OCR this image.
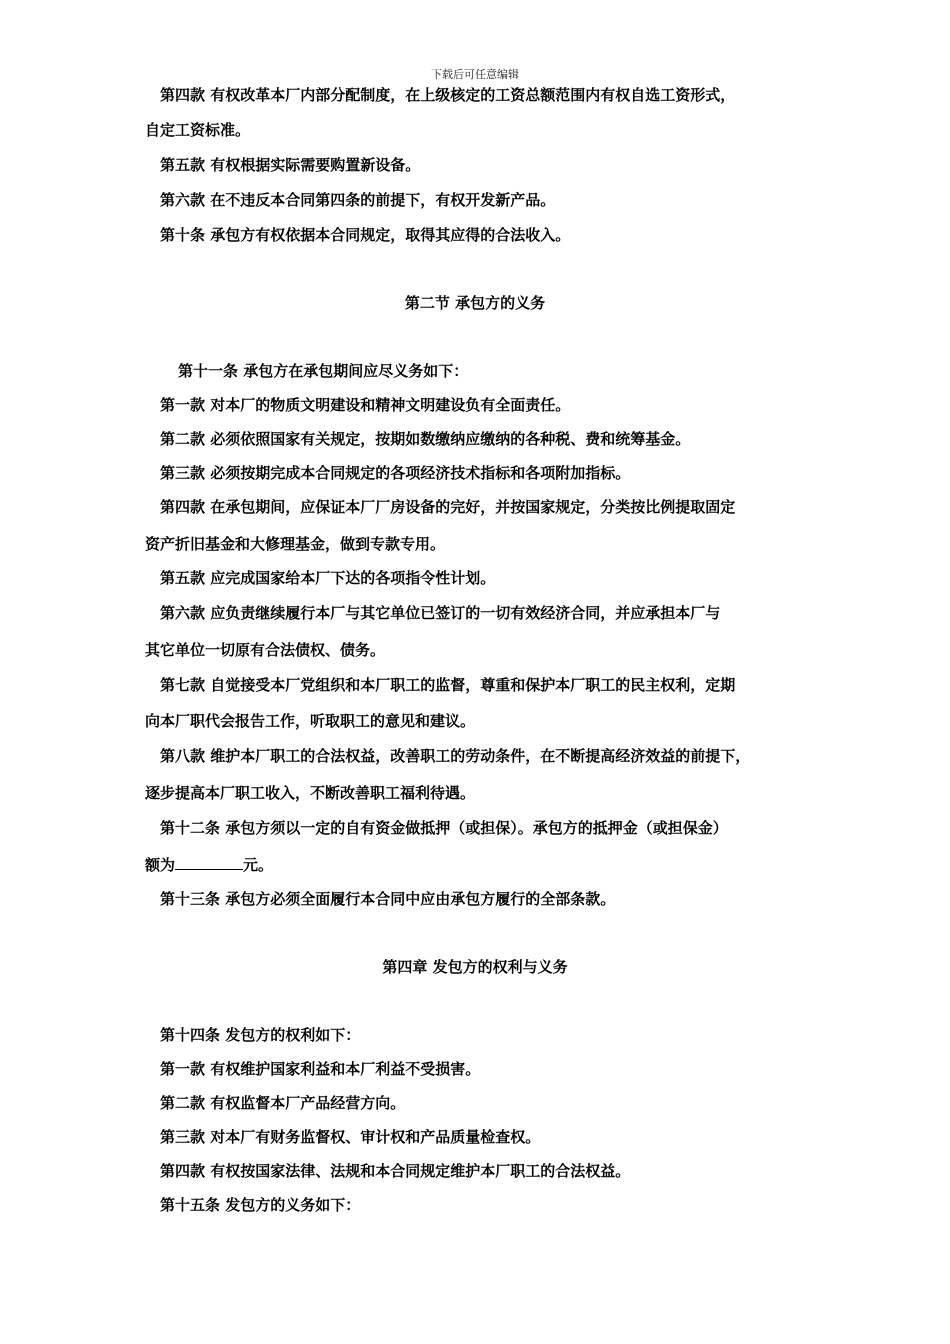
下载后可任意编辑
第四款 有权改革本厂内部分配制度，在上级核定的工资总额范围内有权自选工资形式，
自定工资标准。
第五款 有权根据实际需要购置新设备。
第六款 在不违反本合同第四条的前提下，有权开发新产品。
第十条 承包方有权依据本合同规定，取得其应得的合法收入。
第二节 承包方的义务
第十一条 承包方在承包期间应尽义务如下：
第一款 对本厂的物质文明建设和精神文明建设负有全面责任。
第二款 必须依照国家有关规定，按期如数缴纳应缴纳的各种税、费和统筹基金。
第三款 必须按期完成本合同规定的各项经济技术指标和各项附加指标。
第四款 在承包期间，应保证本厂厂房设备的完好，并按国家规定，分类按比例提取固定
资产折旧基金和大修理基金，做到专款专用。
第五款 应完成国家给本厂下达的各项指令性计划。
第六款 应负责继续履行本厂与其它单位已签订的一切有效经济合同，并应承担本厂与
其它单位一切原有合法债权、债务。
第七款 自觉接受本厂党组织和本厂职工的监督，尊重和保护本厂职工的民主权利，定期
向本厂职代会报告工作，听取职工的意见和建议。
第八款 维护本厂职工的合法权益，改善职工的劳动条件，在不断提高经济效益的前提下，
逐步提高本厂职工收入，不断改善职工福利待遇。
第十二条 承包方须以一定的自有资金做抵押（或担保）。承包方的抵押金（或担保金）
额为	元。
第十三条 承包方必须全面履行本合同中应由承包方履行的全部条款。
第四章 发包方的权利与义务
第十四条 发包方的权利如下：
第一款 有权维护国家利益和本厂利益不受损害。
第二款 有权监督本厂产品经营方向。
第三款 对本厂有财务监督权、审计权和产品质量检查权。
第四款 有权按国家法律、法规和本合同规定维护本厂职工的合法权益。
第十五条 发包方的义务如下：
